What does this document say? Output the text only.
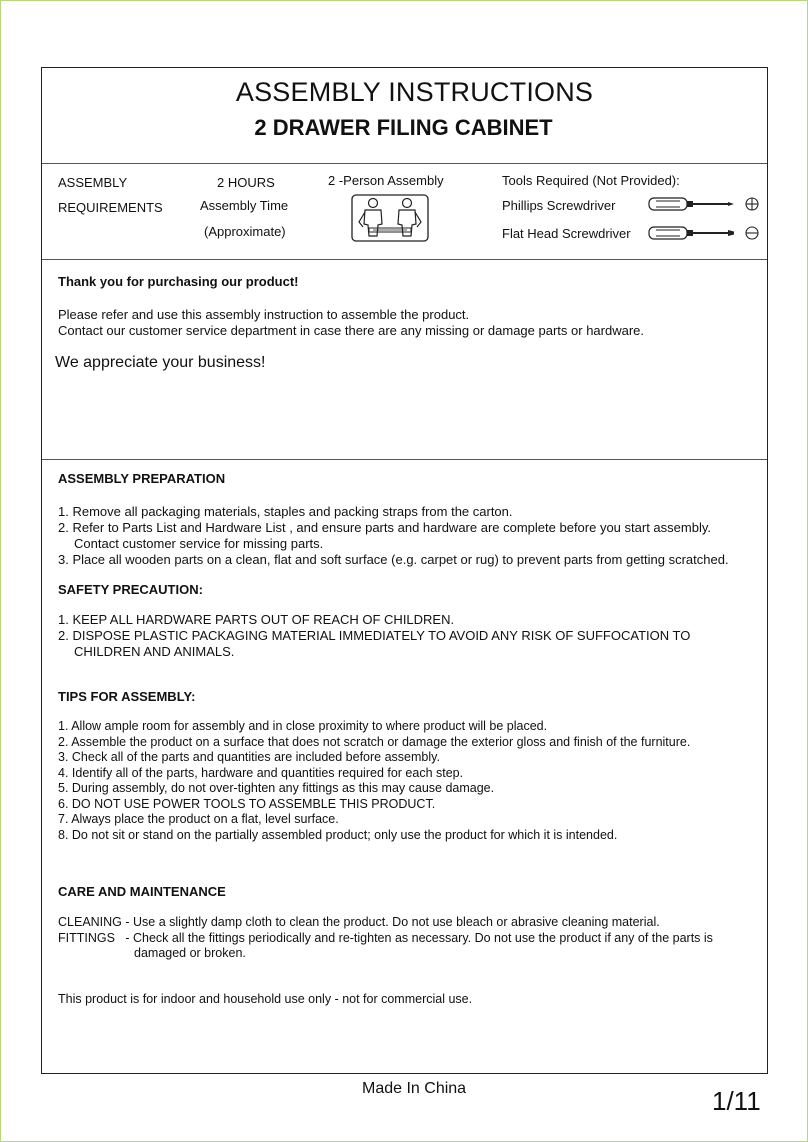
ASSEMBLY INSTRUCTIONS
2 DRAWER FILING CABINET
ASSEMBLY
REQUIREMENTS
2 HOURS
Assembly Time
(Approximate)
2 -Person Assembly	Tools Required (Not Provided):
Phillips Screwdriver
Flat Head Screwdriver
Thank you for purchasing our product!
Please refer and use this assembly instruction to assemble the product.
Contact our customer service department in case there are any missing or damage parts or hardware.
We appreciate your business!
ASSEMBLY PREPARATION
1. Remove all packaging materials, staples and packing straps from the carton.
2. Refer to Parts List and Hardware List , and ensure parts and hardware are complete before you start assembly.
Contact customer service for missing parts.
3. Place all wooden parts on a clean, flat and soft surface (e.g. carpet or rug) to prevent parts from getting scratched.
SAFETY PRECAUTION:
1. KEEP ALL HARDWARE PARTS OUT OF REACH OF CHILDREN.
2. DISPOSE PLASTIC PACKAGING MATERIAL IMMEDIATELY TO AVOID ANY RISK OF SUFFOCATION TO
CHILDREN AND ANIMALS.
TIPS FOR ASSEMBLY:
1. Allow ample room for assembly and in close proximity to where product will be placed.
2. Assemble the product on a surface that does not scratch or damage the exterior gloss and finish of the furniture.
3. Check all of the parts and quantities are included before assembly.
4. Identify all of the parts, hardware and quantities required for each step.
5. During assembly, do not over-tighten any fittings as this may cause damage.
6. DO NOT USE POWER TOOLS TO ASSEMBLE THIS PRODUCT.
7. Always place the product on a flat, level surface.
8. Do not sit or stand on the partially assembled product; only use the product for which it is intended.
CARE AND MAINTENANCE
CLEANING - Use a slightly damp cloth to clean the product. Do not use bleach or abrasive cleaning material.
FITTINGS   - Check all the fittings periodically and re-tighten as necessary. Do not use the product if any of the parts is
damaged or broken.
This product is for indoor and household use only - not for commercial use.
Made In China	1/11
